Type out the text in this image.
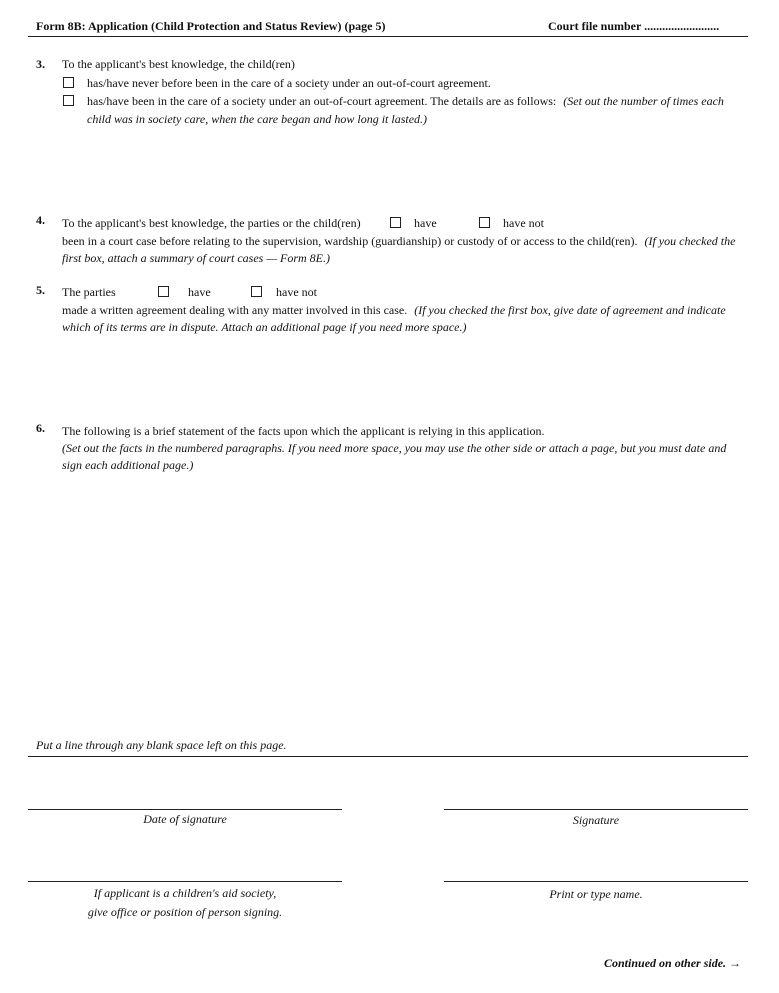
Form 8B: Application (Child Protection and Status Review) (page 5)	Court file number .........................
3. To the applicant's best knowledge, the child(ren)
has/have never before been in the care of a society under an out-of-court agreement.
has/have been in the care of a society under an out-of-court agreement. The details are as follows: (Set out the number of times each
child was in society care, when the care began and how long it lasted.)
4. To the applicant's best knowledge, the parties or the child(ren)	have	have not
been in a court case before relating to the supervision, wardship (guardianship) or custody of or access to the child(ren). (If you checked the
first box, attach a summary of court cases — Form 8E.)
5. The parties	have	have not
made a written agreement dealing with any matter involved in this case. (If you checked the first box, give date of agreement and indicate
which of its terms are in dispute. Attach an additional page if you need more space.)
6. The following is a brief statement of the facts upon which the applicant is relying in this application.
(Set out the facts in the numbered paragraphs. If you need more space, you may use the other side or attach a page, but you must date and
sign each additional page.)
Put a line through any blank space left on this page.
Date of signature	Signature
If applicant is a children's aid society,
give office or position of person signing.
Print or type name.
Continued on other side. →
